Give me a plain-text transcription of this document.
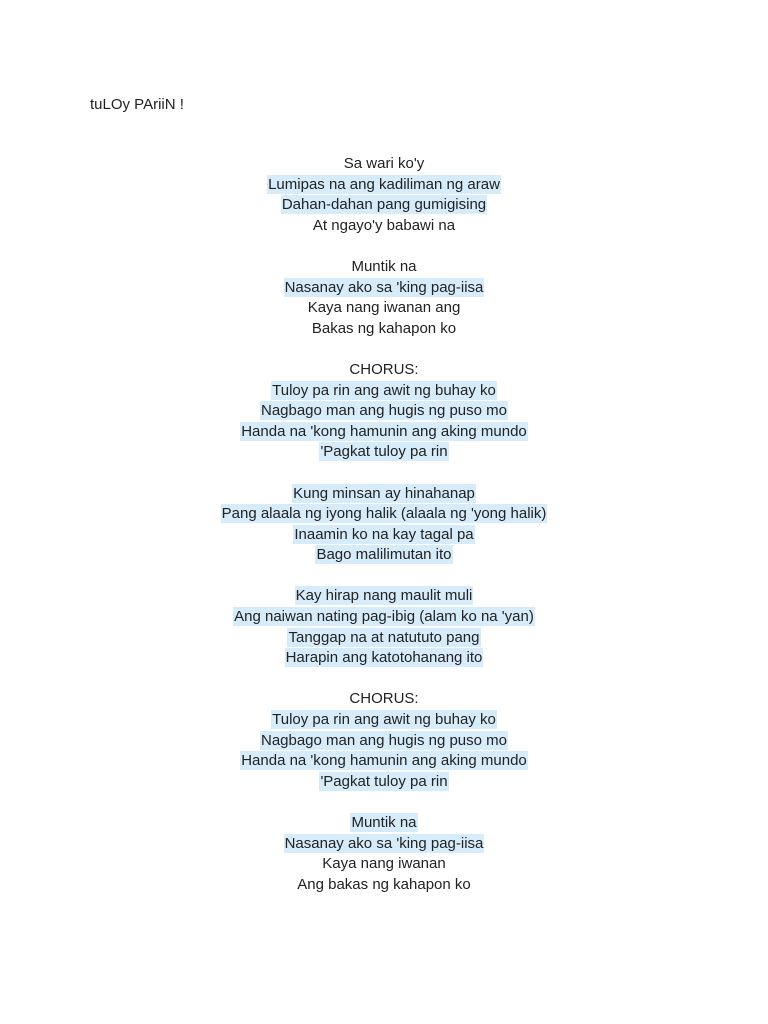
tuLOy PAriiN !
Sa wari ko'y
Lumipas na ang kadiliman ng araw
Dahan-dahan pang gumigising
At ngayo'y babawi na
Muntik na
Nasanay ako sa 'king pag-iisa
Kaya nang iwanan ang
Bakas ng kahapon ko
CHORUS:
Tuloy pa rin ang awit ng buhay ko
Nagbago man ang hugis ng puso mo
Handa na 'kong hamunin ang aking mundo
'Pagkat tuloy pa rin
Kung minsan ay hinahanap
Pang alaala ng iyong halik (alaala ng 'yong halik)
Inaamin ko na kay tagal pa
Bago malilimutan ito
Kay hirap nang maulit muli
Ang naiwan nating pag-ibig (alam ko na 'yan)
Tanggap na at natututo pang
Harapin ang katotohanang ito
CHORUS:
Tuloy pa rin ang awit ng buhay ko
Nagbago man ang hugis ng puso mo
Handa na 'kong hamunin ang aking mundo
'Pagkat tuloy pa rin
Muntik na
Nasanay ako sa 'king pag-iisa
Kaya nang iwanan
Ang bakas ng kahapon ko
